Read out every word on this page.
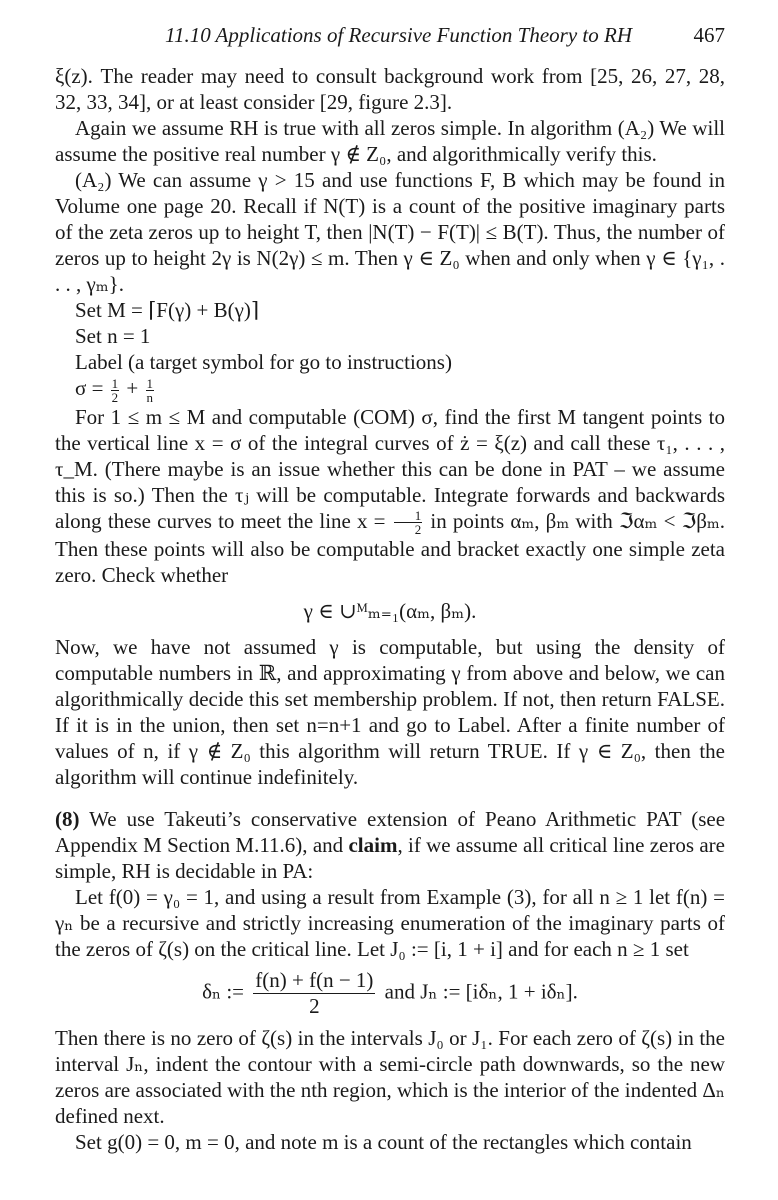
11.10 Applications of Recursive Function Theory to RH	467

ξ(z). The reader may need to consult background work from [25, 26, 27, 28, 32, 33, 34], or at least consider [29, figure 2.3].

Again we assume RH is true with all zeros simple. In algorithm (A₂) We will assume the positive real number γ ∉ Z₀, and algorithmically verify this.

(A₂) We can assume γ > 15 and use functions F, B which may be found in Volume one page 20. Recall if N(T) is a count of the positive imaginary parts of the zeta zeros up to height T, then |N(T) − F(T)| ≤ B(T). Thus, the number of zeros up to height 2γ is N(2γ) ≤ m. Then γ ∈ Z₀ when and only when γ ∈ {γ₁, . . . , γₘ}.

Set M = ⌈F(γ) + B(γ)⌉

Set n = 1

Label (a target symbol for go to instructions)

$\sigma = \frac{1}{2} + \frac{1}{n}$

For 1 ≤ m ≤ M and computable (COM) σ, find the first M tangent points to the vertical line x = σ of the integral curves of ż = ξ(z) and call these τ₁, . . . , τ_M. (There maybe is an issue whether this can be done in PAT – we assume this is so.) Then the τⱼ will be computable. Integrate forwards and backwards along these curves to meet the line $x = \frac{1}{2}$ in points αₘ, βₘ with ℑαₘ < ℑβₘ. Then these points will also be computable and bracket exactly one simple zeta zero. Check whether

γ ∈ ∪ᴹₘ₌₁(αₘ, βₘ).

Now, we have not assumed γ is computable, but using the density of computable numbers in ℝ, and approximating γ from above and below, we can algorithmically decide this set membership problem. If not, then return FALSE. If it is in the union, then set n=n+1 and go to Label. After a finite number of values of n, if γ ∉ Z₀ this algorithm will return TRUE. If γ ∈ Z₀, then the algorithm will continue indefinitely.

(8) We use Takeuti’s conservative extension of Peano Arithmetic PAT (see Appendix M Section M.11.6), and claim, if we assume all critical line zeros are simple, RH is decidable in PA:

Let f(0) = γ₀ = 1, and using a result from Example (3), for all n ≥ 1 let f(n) = γₙ be a recursive and strictly increasing enumeration of the imaginary parts of the zeros of ζ(s) on the critical line. Let J₀ := [i, 1 + i] and for each n ≥ 1 set

δₙ := $\frac{f(n) + f(n - 1)}{2}$ and Jₙ := [iδₙ, 1 + iδₙ].

Then there is no zero of ζ(s) in the intervals J₀ or J₁. For each zero of ζ(s) in the interval Jₙ, indent the contour with a semi-circle path downwards, so the new zeros are associated with the nth region, which is the interior of the indented Δₙ defined next.

Set g(0) = 0, m = 0, and note m is a count of the rectangles which contain
